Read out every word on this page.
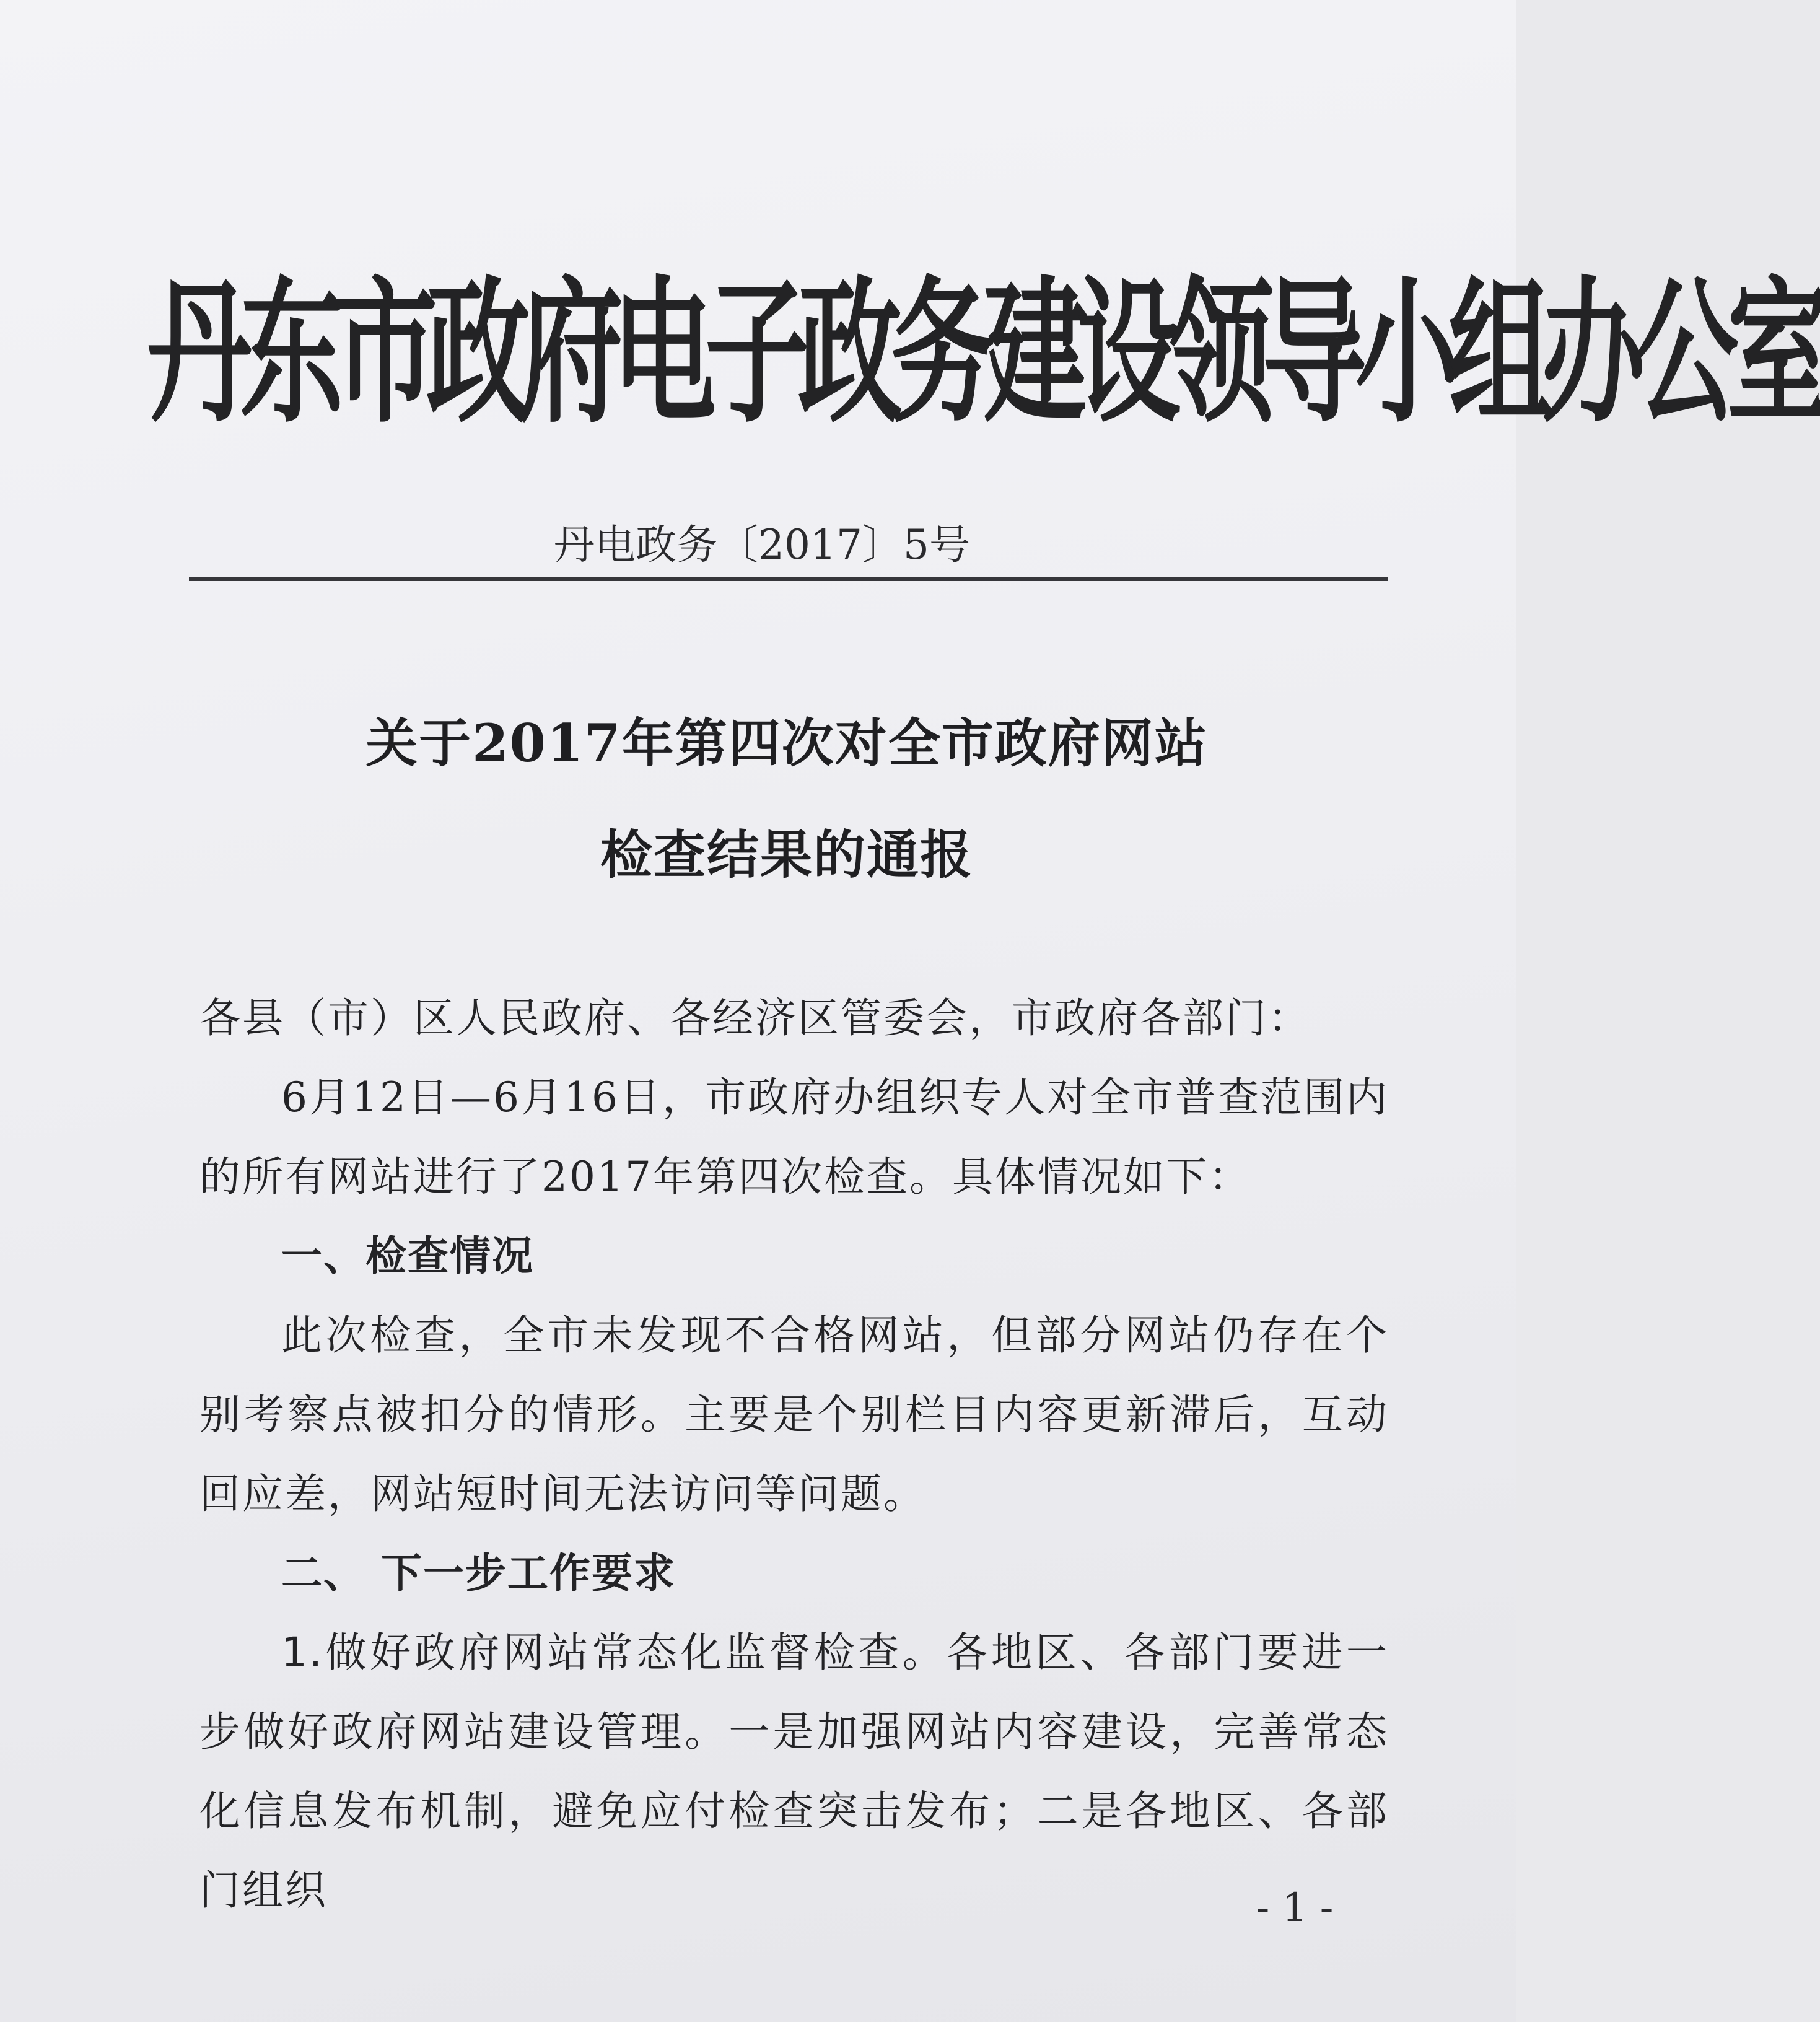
丹东市政府电子政务建设领导小组办公室
丹电政务〔2017〕5号
关于2017年第四次对全市政府网站
检查结果的通报

各县（市）区人民政府、各经济区管委会，市政府各部门：

6月12日—6月16日，市政府办组织专人对全市普查范围内的所有网站进行了2017年第四次检查。具体情况如下：

一、检查情况

此次检查，全市未发现不合格网站，但部分网站仍存在个别考察点被扣分的情形。主要是个别栏目内容更新滞后，互动回应差，网站短时间无法访问等问题。

二、 下一步工作要求

1.做好政府网站常态化监督检查。各地区、各部门要进一步做好政府网站建设管理。一是加强网站内容建设，完善常态化信息发布机制，避免应付检查突击发布；二是各地区、各部门组织	- 1 -
